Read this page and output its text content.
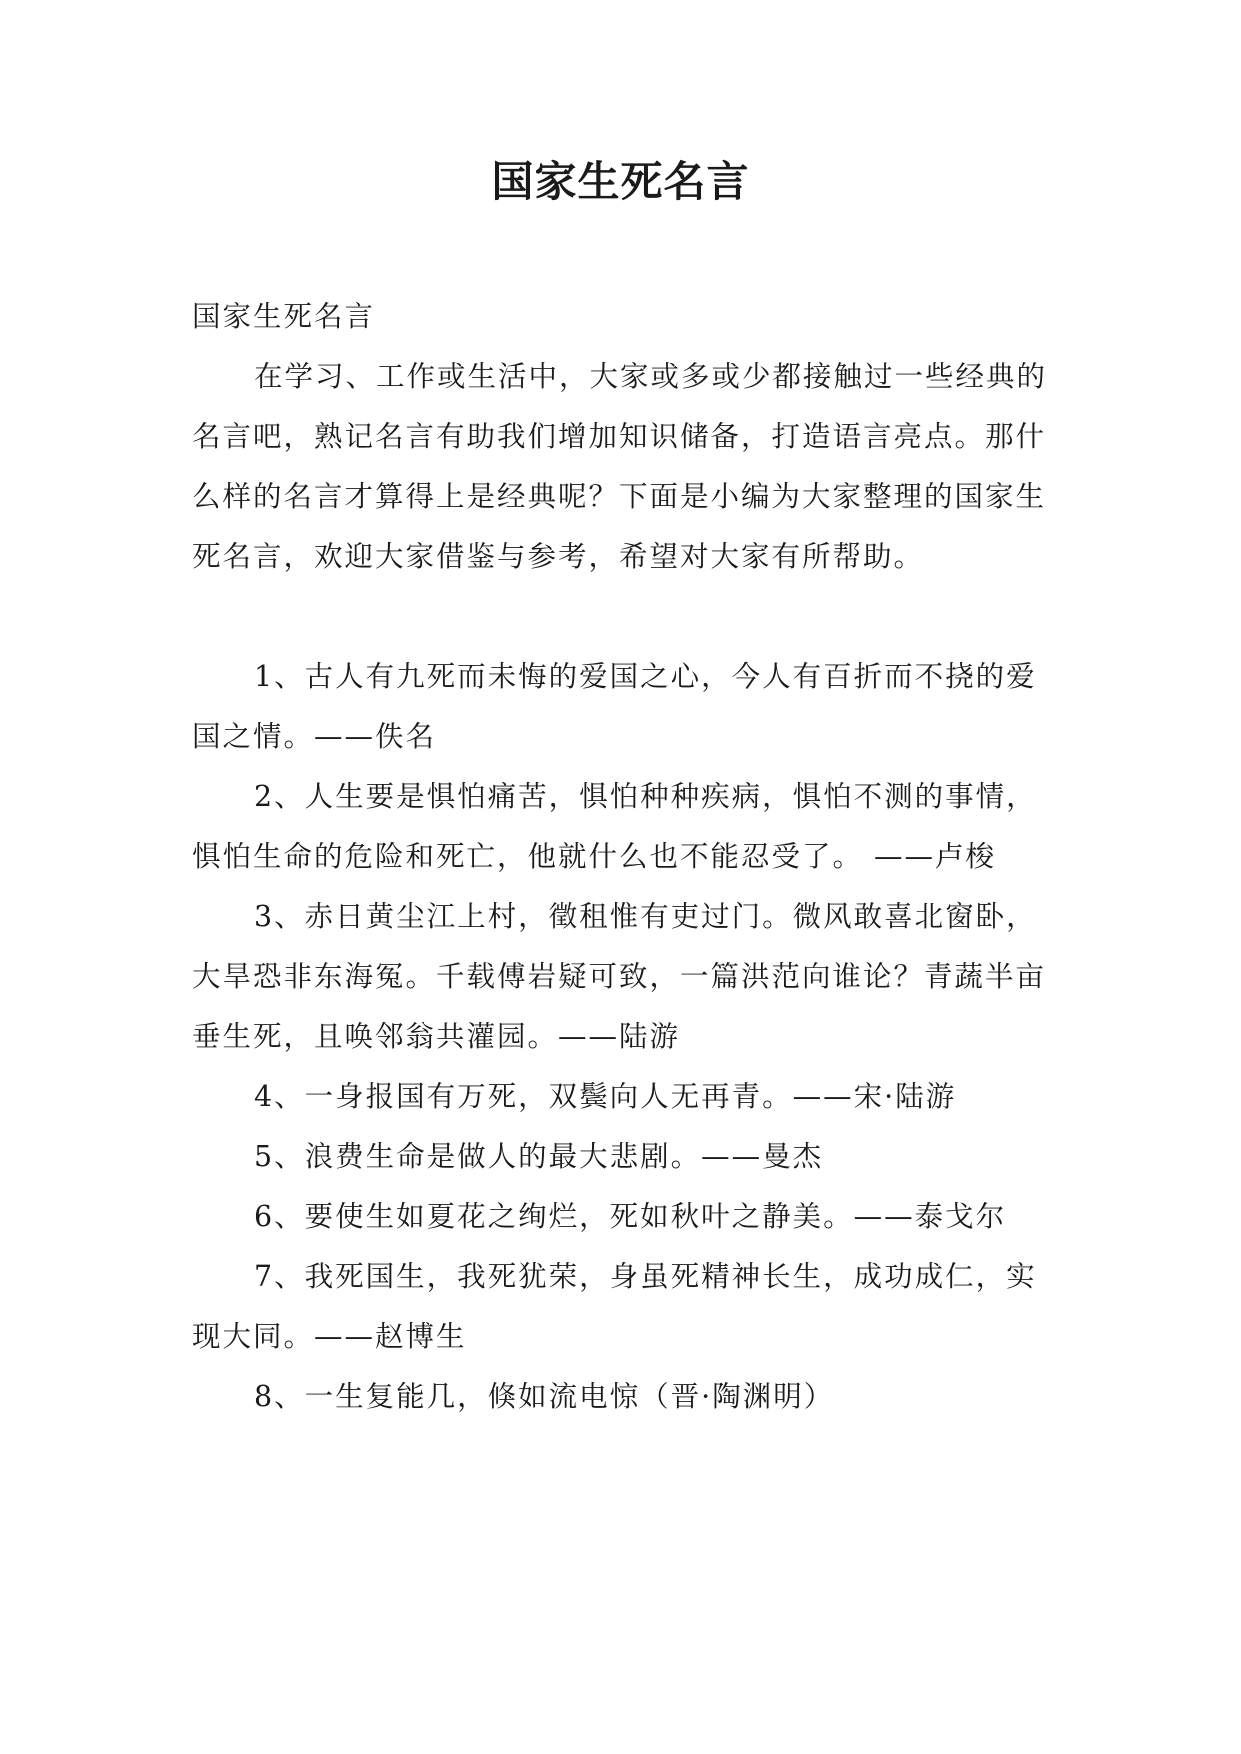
国家生死名言

国家生死名言

在学习、工作或生活中，大家或多或少都接触过一些经典的名言吧，熟记名言有助我们增加知识储备，打造语言亮点。那什么样的名言才算得上是经典呢？下面是小编为大家整理的国家生死名言，欢迎大家借鉴与参考，希望对大家有所帮助。

1、古人有九死而未悔的爱国之心，今人有百折而不挠的爱国之情。——佚名

2、人生要是惧怕痛苦，惧怕种种疾病，惧怕不测的事情，惧怕生命的危险和死亡，他就什么也不能忍受了。 ——卢梭

3、赤日黄尘江上村，徵租惟有吏过门。微风敢喜北窗卧，大旱恐非东海冤。千载傅岩疑可致，一篇洪范向谁论？青蔬半亩垂生死，且唤邻翁共灌园。——陆游

4、一身报国有万死，双鬓向人无再青。——宋·陆游

5、浪费生命是做人的最大悲剧。——曼杰

6、要使生如夏花之绚烂，死如秋叶之静美。——泰戈尔

7、我死国生，我死犹荣，身虽死精神长生，成功成仁，实现大同。——赵博生

8、一生复能几，倏如流电惊（晋·陶渊明）
